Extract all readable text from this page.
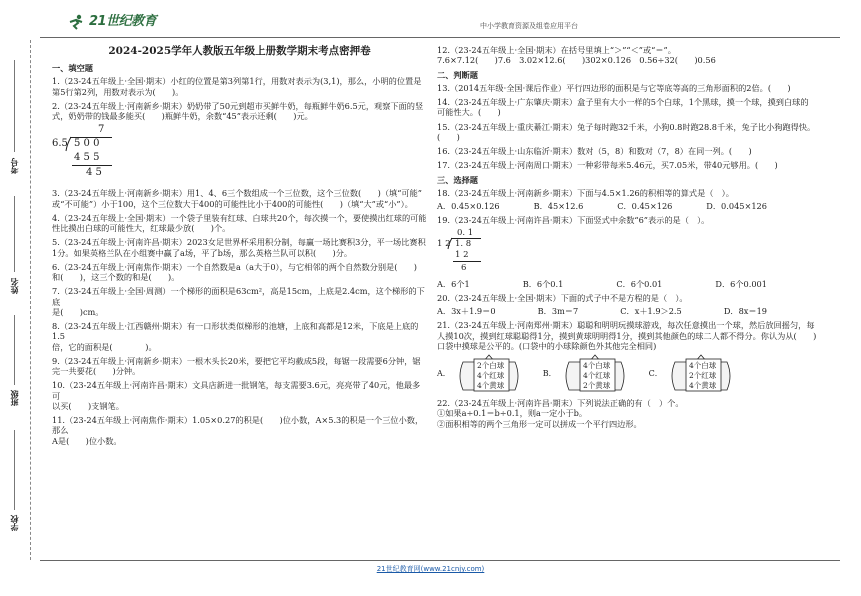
21世纪教育	中小学教育资源及组卷应用平台
考号
姓名
班级
学校
2024-2025学年人教版五年级上册数学期末考点密押卷
一、填空题

1.（23-24五年级上·全国·期末）小红的位置是第3列第1行，用数对表示为(3,1)，那么，小明的位置是

第5行第2列，用数对表示为(　　)。

2.（23-24五年级上·河南新乡·期末）奶奶带了50元到超市买鲜牛奶，每瓶鲜牛奶6.5元，观察下面的竖

式，奶奶带的钱最多能买(　　)瓶鲜牛奶，余数“45”表示还剩(　　)元。

7
6.5 5 0 0
4 5 5
4 5

3.（23-24五年级上·河南新乡·期末）用1、4、6三个数组成一个三位数，这个三位数(　　)（填“可能”

或“不可能”）小于100，这个三位数大于400的可能性比小于400的可能性(　　)（填“大”或“小”）。

4.（23-24五年级上·全国·期末）一个袋子里装有红球、白球共20个，每次摸一个，要使摸出红球的可能

性比摸出白球的可能性大，红球最少放(　　)个。

5.（23-24五年级上·河南许昌·期末）2023女足世界杯采用积分制，每赢一场比赛积3分，平一场比赛积

1分。如果英格兰队在小组赛中赢了a场，平了b场，那么英格兰队可以积(　　)分。

6.（23-24五年级上·河南焦作·期末）一个自然数是a（a大于0），与它相邻的两个自然数分别是(　　)

和(　　)，这三个数的和是(　　)。

7.（23-24五年级上·全国·周测）一个梯形的面积是63cm²，高是15cm，上底是2.4cm，这个梯形的下底

是(　　)cm。

8.（23-24五年级上·江西赣州·期末）有一口形状类似梯形的池塘，上底和高都是12米，下底是上底的1.5

倍，它的面积是(　　　　)。

9.（23-24五年级上·河南新乡·期末）一根木头长20米，要把它平均截成5段，每锯一段需要6分钟，锯

完一共要花(　　)分钟。

10.（23-24五年级上·河南许昌·期末）文具店新进一批钢笔，每支需要3.6元，亮亮带了40元，他最多可

以买(　　)支钢笔。

11.（23-24五年级上·河南焦作·期末）1.05×0.27的积是(　　)位小数，A×5.3的积是一个三位小数，那么

A是(　　)位小数。

12.（23-24五年级上·全国·期末）在括号里填上“＞”“＜”或“＝”。

7.6×7.12(　　)7.6　3.02×12.6(　　)302×0.126　0.56÷32(　　)0.56

二、判断题

13.（2014五年级·全国·课后作业）平行四边形的面积是与它等底等高的三角形面积的2倍。(　　)

14.（23-24五年级上·广东肇庆·期末）盒子里有大小一样的5个白球，1个黑球，摸一个球，摸到白球的

可能性大。(　　)

15.（23-24五年级上·重庆綦江·期末）兔子每时跑32千米，小狗0.8时跑28.8千米，兔子比小狗跑得快。

(　　)

16.（23-24五年级上·山东临沂·期末）数对（5，8）和数对（7，8）在同一列。(　　)

17.（23-24五年级上·河南周口·期末）一种彩带每米5.46元，买7.05米，带40元够用。(　　)

三、选择题

18.（23-24五年级上·河南新乡·期末）下面与4.5×1.26的积相等的算式是（　）。

A．0.45×0.126	B．45×12.6	C．0.45×126	D．0.045×126

19.（23-24五年级上·河南许昌·期末）下面竖式中余数“6”表示的是（　）。

0. 1
1 2 1. 8
1 2
6
A．6个1	B．6个0.1	C．6个0.01	D．6个0.001

20.（23-24五年级上·全国·期末）下面的式子中不是方程的是（　）。

A．3x＋1.9＝0	B．3m＝7	C．x＋1.9＞2.5	D．8x＝19

21.（23-24五年级上·河南郑州·期末）聪聪和明明玩摸球游戏，每次任意摸出一个球，然后放回摇匀，每

人摸10次，摸到红球聪聪得1分，摸到黄球明明得1分，摸到其他颜色的球二人都不得分。你认为从(　　)

口袋中摸球是公平的。(口袋中的小球除颜色外其他完全相同)

A．
2个白球
4个红球
4个黄球
B．
4个白球
4个红球
2个黄球
C．
4个白球
2个红球
4个黄球

22.（23-24五年级上·河南许昌·期末）下列说法正确的有（　）个。

①如果a÷0.1＝b÷0.1，则a一定小于b。

②面积相等的两个三角形一定可以拼成一个平行四边形。

21世纪教育网(www.21cnjy.com)
